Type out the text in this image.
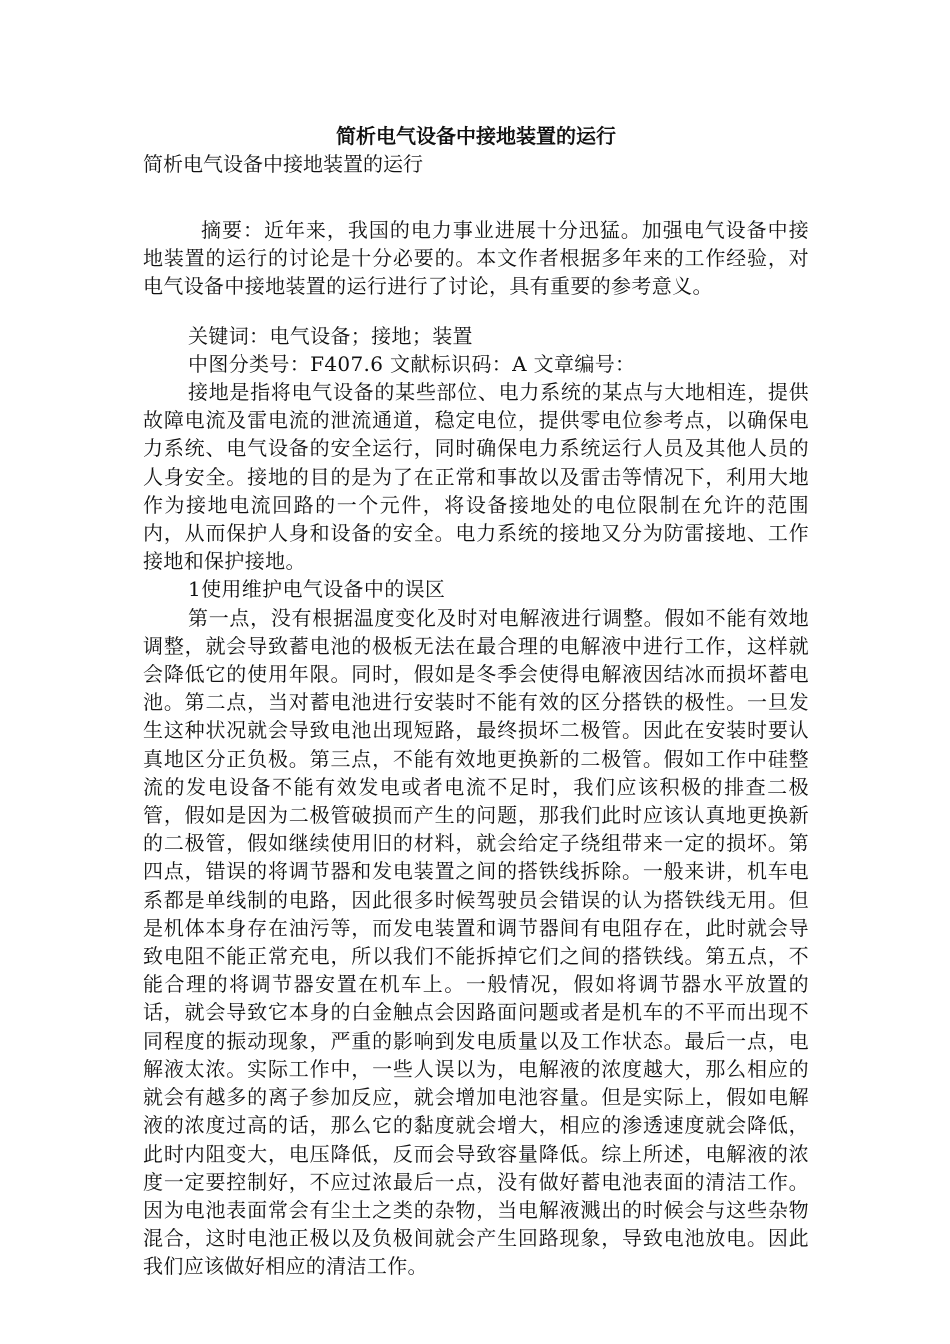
简析电气设备中接地装置的运行

简析电气设备中接地装置的运行

摘要：近年来，我国的电力事业进展十分迅猛。加强电气设备中接地装置的运行的讨论是十分必要的。本文作者根据多年来的工作经验，对电气设备中接地装置的运行进行了讨论，具有重要的参考意义。

关键词：电气设备；接地；装置

中图分类号：F407.6 文献标识码：A 文章编号：

接地是指将电气设备的某些部位、电力系统的某点与大地相连，提供故障电流及雷电流的泄流通道，稳定电位，提供零电位参考点，以确保电力系统、电气设备的安全运行，同时确保电力系统运行人员及其他人员的人身安全。接地的目的是为了在正常和事故以及雷击等情况下，利用大地作为接地电流回路的一个元件，将设备接地处的电位限制在允许的范围内，从而保护人身和设备的安全。电力系统的接地又分为防雷接地、工作接地和保护接地。

1使用维护电气设备中的误区

第一点，没有根据温度变化及时对电解液进行调整。假如不能有效地调整，就会导致蓄电池的极板无法在最合理的电解液中进行工作，这样就会降低它的使用年限。同时，假如是冬季会使得电解液因结冰而损坏蓄电池。第二点，当对蓄电池进行安装时不能有效的区分搭铁的极性。一旦发生这种状况就会导致电池出现短路，最终损坏二极管。因此在安装时要认真地区分正负极。第三点，不能有效地更换新的二极管。假如工作中硅整流的发电设备不能有效发电或者电流不足时，我们应该积极的排查二极管，假如是因为二极管破损而产生的问题，那我们此时应该认真地更换新的二极管，假如继续使用旧的材料，就会给定子绕组带来一定的损坏。第四点，错误的将调节器和发电装置之间的搭铁线拆除。一般来讲，机车电系都是单线制的电路，因此很多时候驾驶员会错误的认为搭铁线无用。但是机体本身存在油污等，而发电装置和调节器间有电阻存在，此时就会导致电阻不能正常充电，所以我们不能拆掉它们之间的搭铁线。第五点，不能合理的将调节器安置在机车上。一般情况，假如将调节器水平放置的话，就会导致它本身的白金触点会因路面问题或者是机车的不平而出现不同程度的振动现象，严重的影响到发电质量以及工作状态。最后一点，电解液太浓。实际工作中，一些人误以为，电解液的浓度越大，那么相应的就会有越多的离子参加反应，就会增加电池容量。但是实际上，假如电解液的浓度过高的话，那么它的黏度就会增大，相应的渗透速度就会降低，此时内阻变大，电压降低，反而会导致容量降低。综上所述，电解液的浓度一定要控制好，不应过浓最后一点，没有做好蓄电池表面的清洁工作。因为电池表面常会有尘土之类的杂物，当电解液溅出的时候会与这些杂物混合，这时电池正极以及负极间就会产生回路现象，导致电池放电。因此我们应该做好相应的清洁工作。
